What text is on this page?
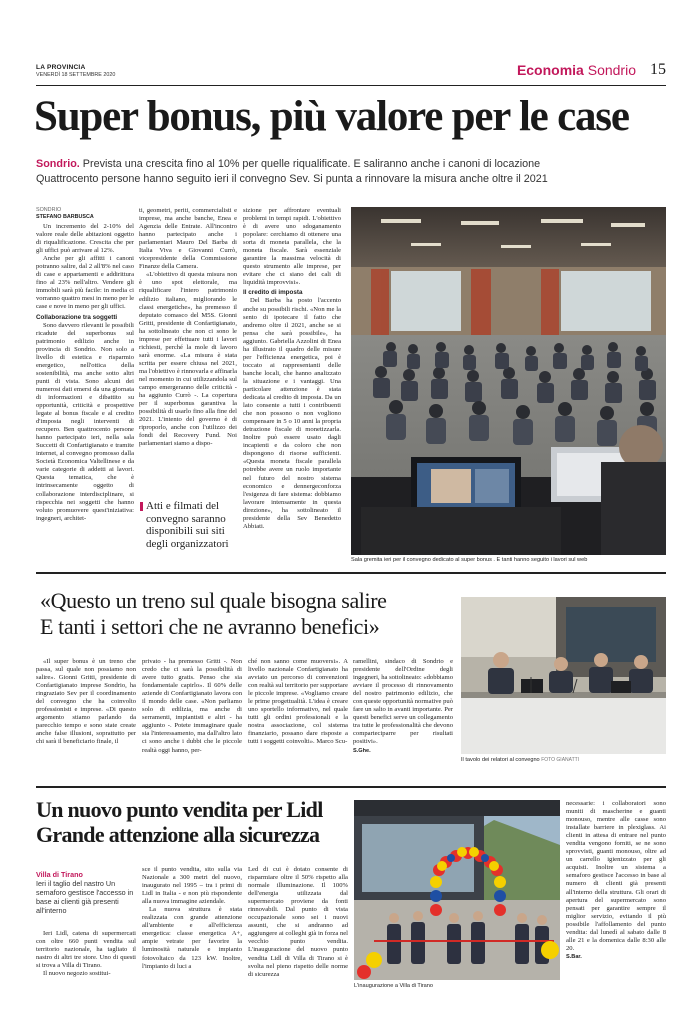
LA PROVINCIA
VENERDÌ 18 SETTEMBRE 2020	Economia Sondrio 15
Super bonus, più valore per le case
Sondrio. Prevista una crescita fino al 10% per quelle riqualificate. E saliranno anche i canoni di locazione
Quattrocento persone hanno seguito ieri il convegno Sev. Si punta a rinnovare la misura anche oltre il 2021
SONDRIO
STEFANO BARBUSCA

Un incremento del 2-10% del valore reale delle abitazioni oggetto di riqualificazione. Crescita che per gli uffici può arrivare al 12%.

Anche per gli affitti i canoni potranno salire, dal 2 all'8% nel caso di case e appartamenti e addirittura fino al 23% nell'altro. Vendere gli immobili sarà più facile: in media ci vorranno quattro mesi in meno per le case e nove in meno per gli uffici.

Collaborazione tra soggetti

Sono davvero rilevanti le possibili ricadute del superbonus sul patrimonio edilizio anche in provincia di Sondrio. Non solo a livello di estetica e risparmio energetico, nell'ottica della sostenibilità, ma anche sotto altri punti di vista. Sono alcuni dei numerosi dati emersi da una giornata di informazioni e dibattito su opportunità, criticità e prospettive legate al bonus fiscale e al credito d'imposta negli interventi di recupero. Ben quattrocento persone hanno partecipato ieri, nella sala Succetti di Confartigianato e tramite internet, al convegno promosso dalla Società Economica Valtellinese e da varie categorie di addetti ai lavori. Questa tematica, che è intrinsecamente oggetto di collaborazione interdisciplinare, si rispecchia nei soggetti che hanno voluto promuovere quest'iniziativa: ingegneri, architet-

ti, geometri, periti, commercialisti e imprese, ma anche banche, Enea e Agenzia delle Entrate. All'incontro hanno partecipato anche i parlamentari Mauro Del Barba di Italia Viva e Giovanni Currò, vicepresidente della Commissione Finanze della Camera.

«L'obiettivo di questa misura non è uno spot elettorale, ma riqualificare l'intero patrimonio edilizio italiano, migliorando le classi energetiche», ha premesso il deputato comasco del M5S. Gionni Gritti, presidente di Confartigianato, ha sottolineato che non ci sono le imprese per effettuare tutti i lavori richiesti, perché la mole di lavoro sarà enorme. «La misura è stata scritta per essere chiusa nel 2021, ma l'obiettivo è rinnovarla e affinarla nel momento in cui utilizzandola sul campo emergeranno delle criticità - ha aggiunto Currò -. La copertura per il superbonus garantiva la possibilità di usarlo fino alla fine del 2021. L'intento del governo è di riproporlo, anche con l'utilizzo dei fondi del Recovery Fund. Noi parlamentari siamo a dispo-

Atti e filmati del convegno saranno disponibili sui siti degli organizzatori

sizione per affrontare eventuali problemi in tempi rapidi. L'obiettivo è di avere uno sdoganamento popolare: cerchiamo di ottenere una sorta di moneta parallela, che la moneta fiscale. Sarà essenziale garantire la massima velocità di questo strumento alle imprese, per evitare che ci siano dei cali di liquidità improvvisi».

Il credito di imposta

Del Barba ha posto l'accento anche su possibili rischi. «Non me la sento di ipotecare il fatto che andremo oltre il 2021, anche se si pensa che sarà possibile», ha aggiunto. Gabriella Azzolini di Enea ha illustrato il quadro delle misure per l'efficienza energetica, poi è toccato ai rappresentanti delle banche locali, che hanno analizzato la situazione e i vantaggi. Una particolare attenzione è stata dedicata al credito di imposta. Da un lato consente a tutti i contribuenti che non possono o non vogliono compensare in 5 o 10 anni la propria detrazione fiscale di monetizzarla. Inoltre può essere usato dagli incapienti e da coloro che non dispongono di risorse sufficienti. «Questa moneta fiscale parallela potrebbe avere un ruolo importante nel futuro del nostro sistema economico e dennergeconforza l'esigenza di fare sistema: dobbiamo lavorare intensamente in questa direzione», ha sottolineato il presidente della Sev Benedetto Abbiati.

Sala gremita ieri per il convegno dedicato al super bonus . E tanti hanno seguito i lavori sul web
«Questo un treno sul quale bisogna salire
E tanti i settori che ne avranno benefici»

«Il super bonus è un treno che passa, sul quale non possiamo non salire». Gionni Gritti, presidente di Confartigianato imprese Sondrio, ha ringraziato Sev per il coordinamento del convegno che ha coinvolto professionisti e imprese. «Di questo argomento stiamo parlando da parecchio tempo e sono state create anche false illusioni, soprattutto per chi sarà il beneficiario finale, il

privato - ha premesso Gritti -. Non credo che ci sarà la possibilità di avere tutto gratis. Penso che sia fondamentale capirlo». Il 60% delle aziende di Confartigianato lavora con il mondo delle case. «Non parliamo solo di edilizia, ma anche di serramenti, impiantisti e altri - ha aggiunto -. Potete immaginare quale sia l'interessamento, ma dall'altro lato ci sono anche i dubbi che le piccole realtà oggi hanno, per-

ché non sanno come muoversi». A livello nazionale Confartigianato ha avviato un percorso di convenzioni con realtà sul territorio per supportare le piccole imprese. «Vogliamo creare le prime progettualità. L'idea è creare uno sportello informativo, nel quale tutti gli ordini professionali e la nostra associazione, col sistema finanziario, possano dare risposte a tutti i soggetti coinvolti». Marco Scu-

ramellini, sindaco di Sondrio e presidente dell'Ordine degli ingegneri, ha sottolineato: «dobbiamo avviare il processo di rinnovamento del nostro patrimonio edilizio, che con queste opportunità normative può fare un salto in avanti importante. Per questi benefici serve un collegamento tra tutte le professionalità che devono comparteciparre per risultati positivi».

S.Ghe.
Il tavolo dei relatori al convegno FOTO GIANATTI
Un nuovo punto vendita per Lidl
Grande attenzione alla sicurezza
Villa di Tirano
Ieri il taglio del nastro Un semaforo gestisce l'accesso in base ai clienti già presenti all'interno

Ieri Lidl, catena di supermercati con oltre 660 punti vendita sul territorio nazionale, ha tagliato il nastro di altri tre store. Uno di questi si trova a Villa di Tirano.

Il nuovo negozio sostitui-

sce il punto vendita, sito sulla via Nazionale a 300 metri del nuovo, inaugurato nel 1995 – tra i primi di Lidl in Italia - e non più rispondente alla nuova immagine aziendale.

La nuova struttura è stata realizzata con grande attenzione all'ambiente e all'efficienza energetica: classe energetica A+, ampie vetrate per favorire la luminosità naturale e impianto fotovoltaico da 123 kW. Inoltre, l'impianto di luci a

Led di cui è dotato consente di risparmiare oltre il 50% rispetto alla normale illuminazione. Il 100% dell'energia utilizzata dal supermercato proviene da fonti rinnovabili. Dal punto di vista occupazionale sono sei i nuovi assunti, che si andranno ad aggiungere ai colleghi già in forza nel vecchio punto vendita. L'inaugurazione del nuovo punto vendita Lidl di Villa di Tirano si è svolta nel pieno rispetto delle norme di sicurezza

L'inaugurazione a Villa di Tirano

necessarie: i collaboratori sono muniti di mascherine e guanti monouso, mentre alle casse sono installate barriere in plexiglass. Ai clienti in attesa di entrare nel punto vendita vengono forniti, se ne sono sprovvisti, guanti monouso, oltre ad un carrello igienizzato per gli acquisti. Inoltre un sistema a semaforo gestisce l'accesso in base al numero di clienti già presenti all'interno della struttura. Gli orari di apertura del supermercato sono pensati per garantire sempre il miglior servizio, evitando il più possibile l'affollamento del punto vendita: dal lunedì al sabato dalle 8 alle 21 e la domenica dalle 8:30 alle 20.

S.Bar.
